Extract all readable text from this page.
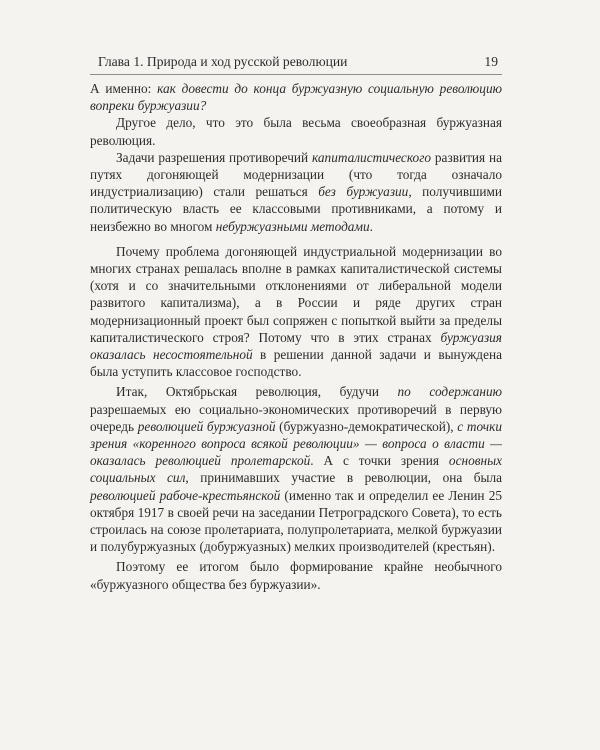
Глава 1. Природа и ход русской революции	19

А именно: как довести до конца буржуазную социальную революцию вопреки буржуазии?

Другое дело, что это была весьма своеобразная буржуазная революция.

Задачи разрешения противоречий капиталистического развития на путях догоняющей модернизации (что тогда означало индустриализацию) стали решаться без буржуазии, получившими политическую власть ее классовыми противниками, а потому и неизбежно во многом небуржуазными методами.

Почему проблема догоняющей индустриальной модернизации во многих странах решалась вполне в рамках капиталистической системы (хотя и со значительными отклонениями от либеральной модели развитого капитализма), а в России и ряде других стран модернизационный проект был сопряжен с попыткой выйти за пределы капиталистического строя? Потому что в этих странах буржуазия оказалась несостоятельной в решении данной задачи и вынуждена была уступить классовое господство.

Итак, Октябрьская революция, будучи по содержанию разрешаемых ею социально-экономических противоречий в первую очередь революцией буржуазной (буржуазно-демократической), с точки зрения «коренного вопроса всякой революции» — вопроса о власти — оказалась революцией пролетарской. А с точки зрения основных социальных сил, принимавших участие в революции, она была революцией рабоче-крестьянской (именно так и определил ее Ленин 25 октября 1917 в своей речи на заседании Петроградского Совета), то есть строилась на союзе пролетариата, полупролетариата, мелкой буржуазии и полубуржуазных (добуржуазных) мелких производителей (крестьян).

Поэтому ее итогом было формирование крайне необычного «буржуазного общества без буржуазии».
